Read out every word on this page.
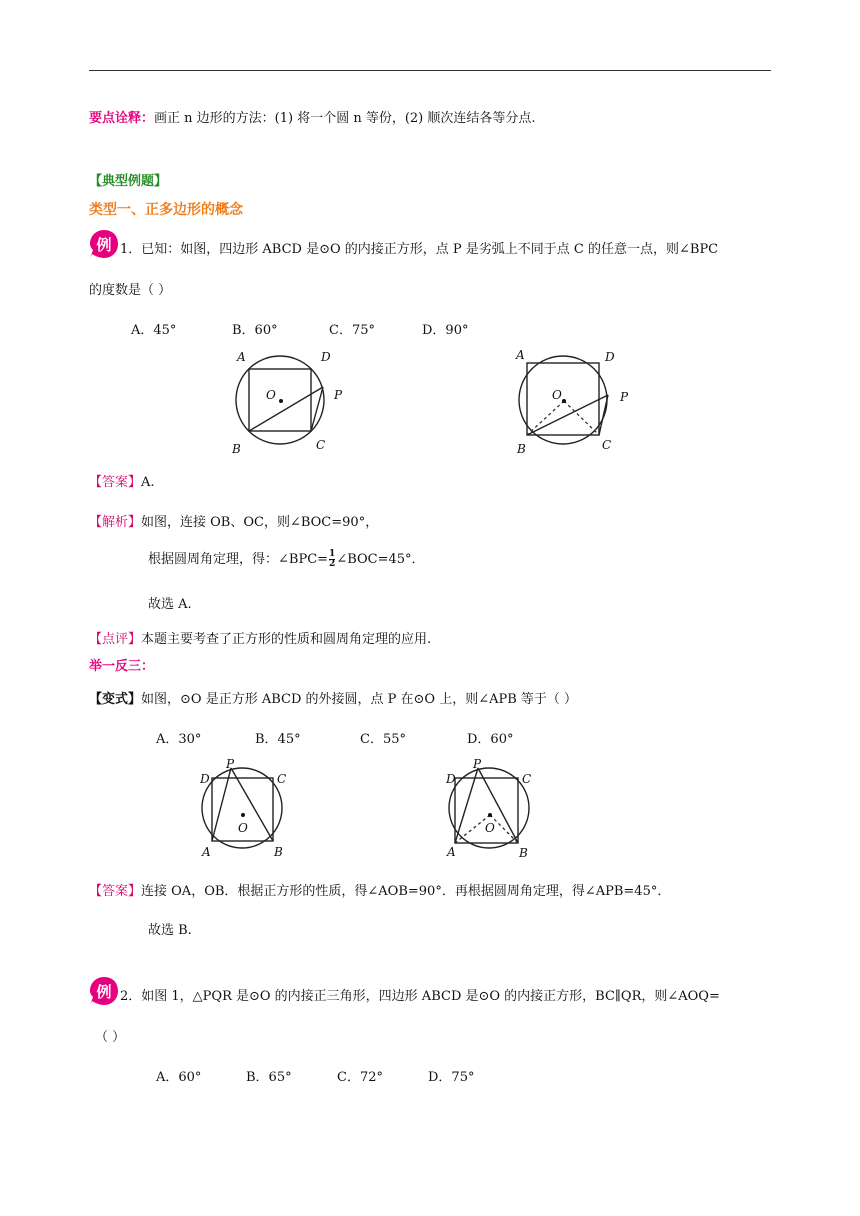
要点诠释：画正 n 边形的方法：(1) 将一个圆 n 等份，(2) 顺次连结各等分点.
【典型例题】
类型一、正多边形的概念
例 1．已知：如图，四边形 ABCD 是⊙O 的内接正方形，点 P 是劣弧上不同于点 C 的任意一点，则∠BPC
的度数是（ ）
A．45°	B．60°	C．75°	D．90°
A	D
O	P
B	C
A	D
O	P
B	C
【答案】A.
【解析】如图，连接 OB、OC，则∠BOC=90°，
根据圆周角定理，得：∠BPC= $\frac{1}{2}$ ∠BOC=45°．
故选 A.
【点评】本题主要考查了正方形的性质和圆周角定理的应用.
举一反三：
【变式】如图，⊙O 是正方形 ABCD 的外接圆，点 P 在⊙O 上，则∠APB 等于（ ）
A．30°	B．45°	C．55°	D．60°
D
P
C
O
A	B
D
P
C
O
A	B
【答案】连接 OA，OB．根据正方形的性质，得∠AOB=90°．再根据圆周角定理，得∠APB=45°．
故选 B.
例 2．如图 1，△PQR 是⊙O 的内接正三角形，四边形 ABCD 是⊙O 的内接正方形，BC∥QR，则∠AOQ=
（ ）
A．60°	B．65°	C．72°	D．75°
